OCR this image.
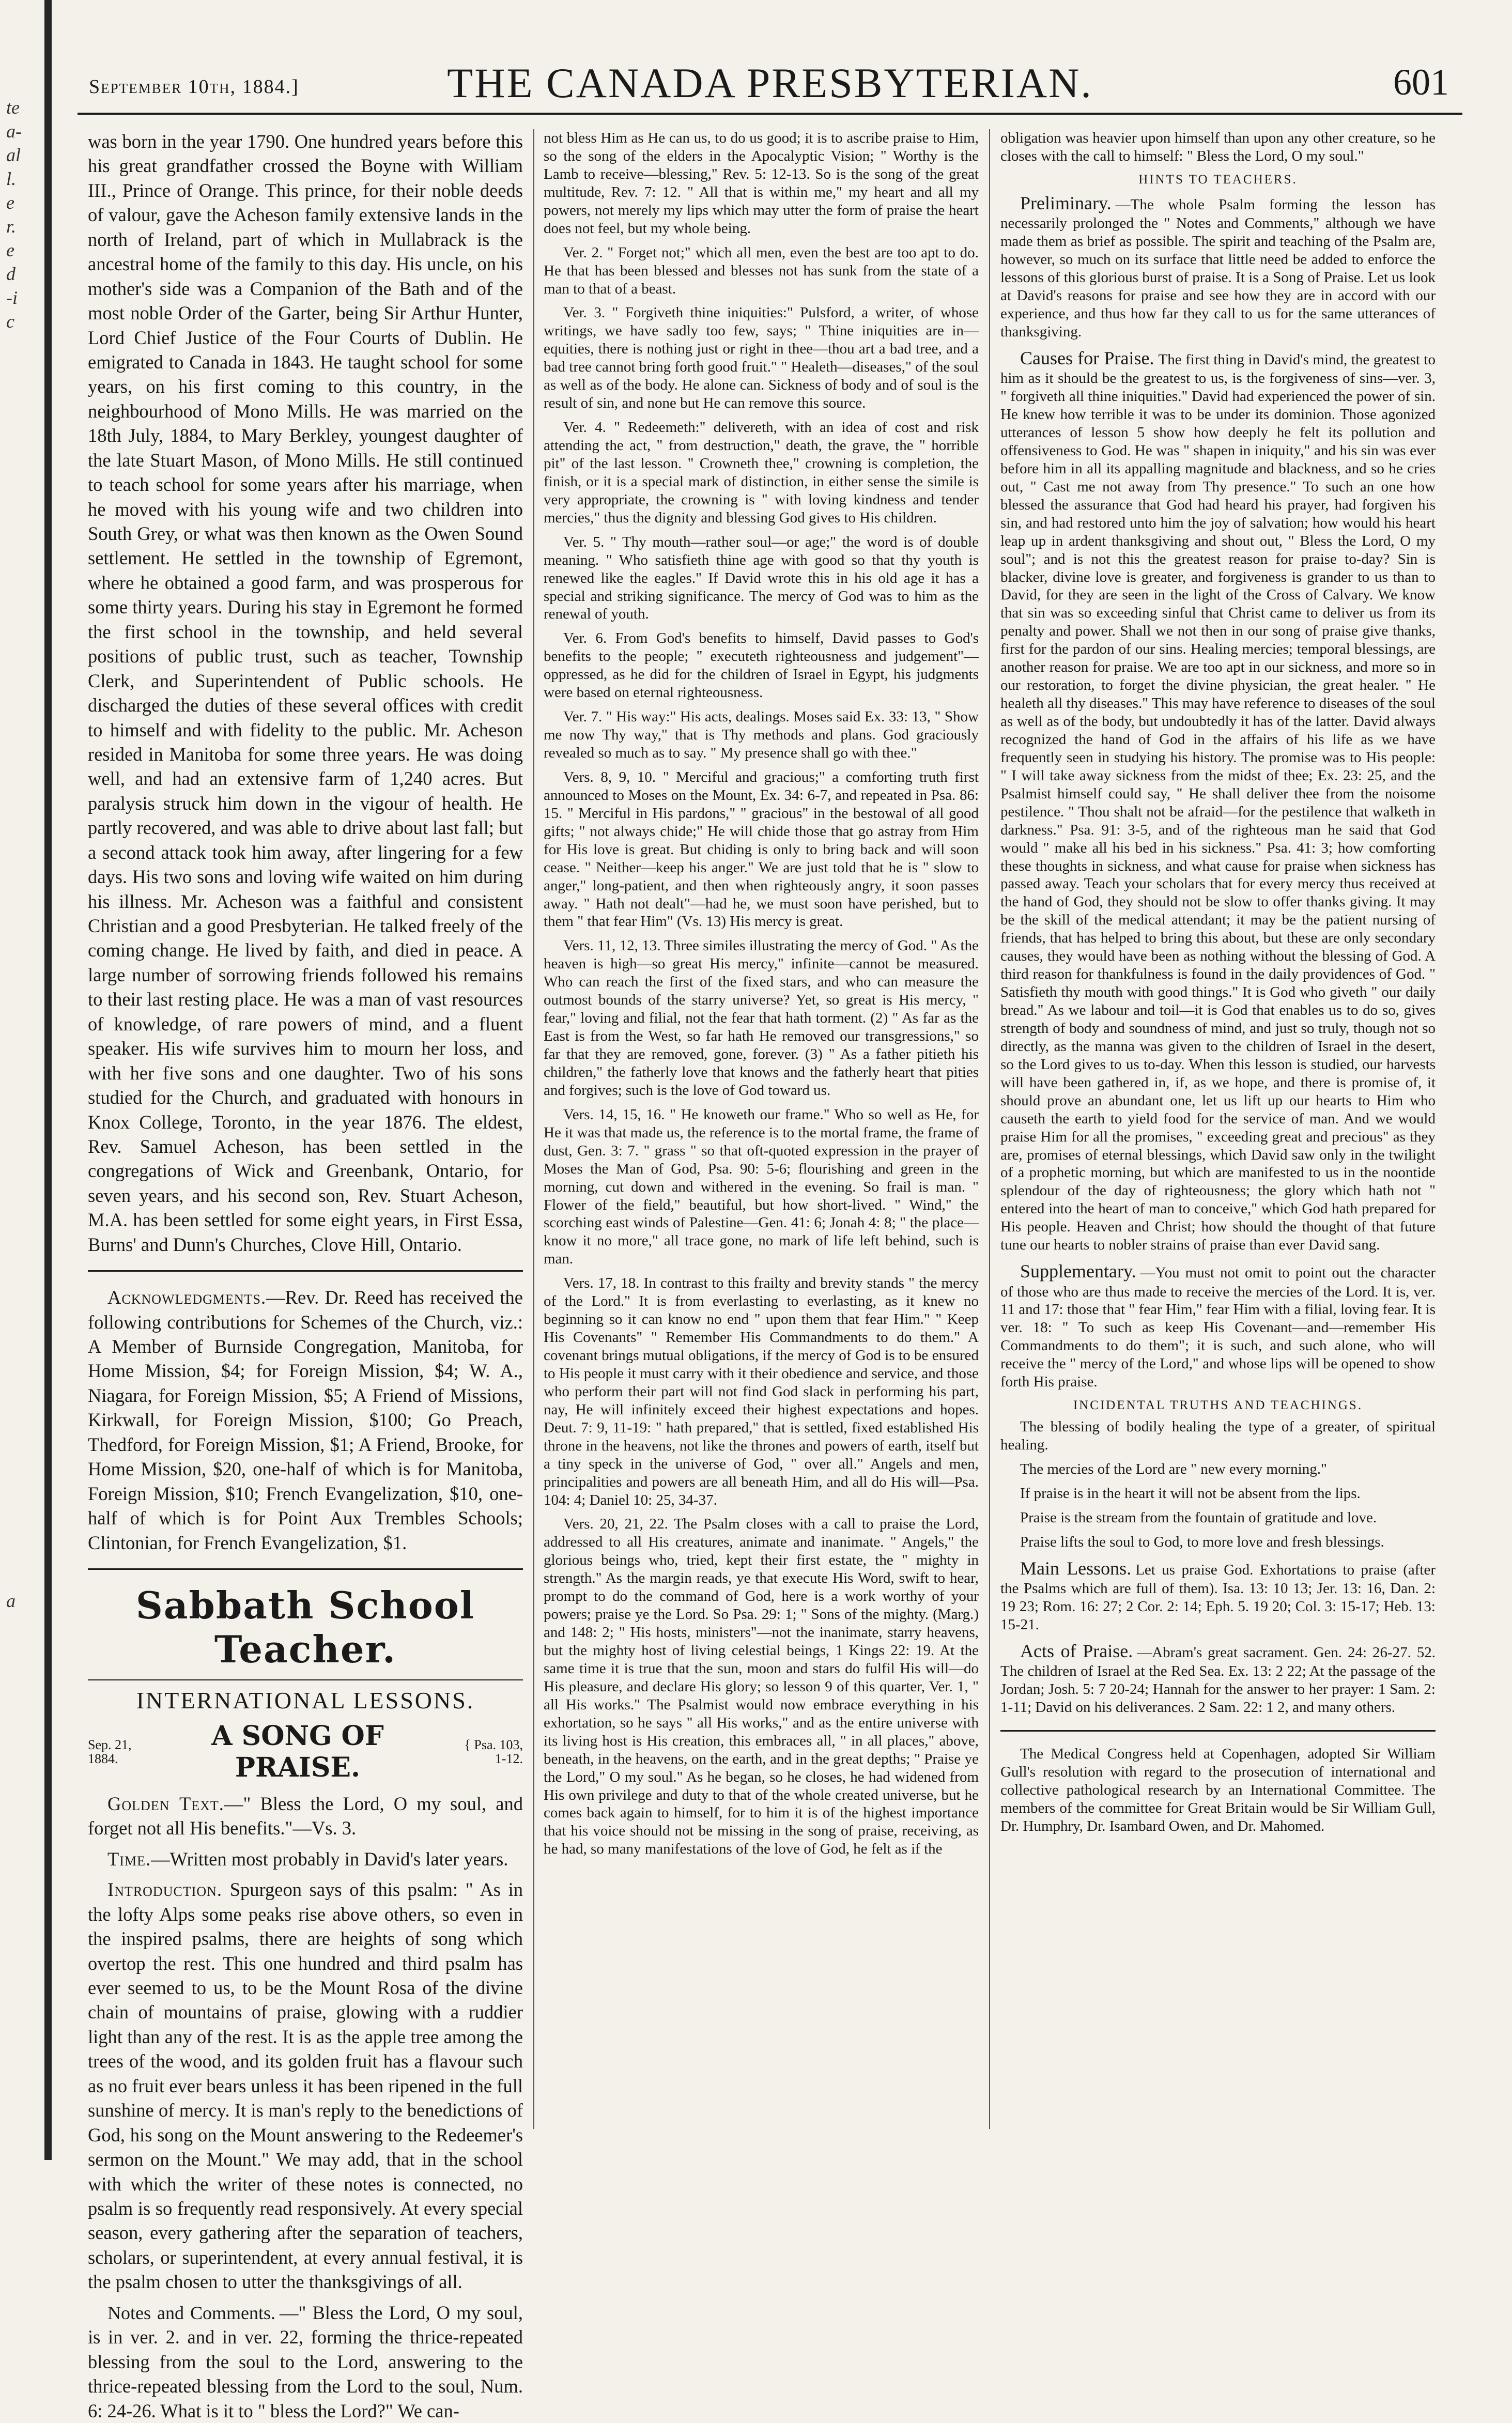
te
a-
al
l.
e
r.
e
d
-i
c
a
September 10th, 1884.]	THE CANADA PRESBYTERIAN.	601

was born in the year 1790. One hundred years before this his great grandfather crossed the Boyne with William III., Prince of Orange. This prince, for their noble deeds of valour, gave the Acheson family extensive lands in the north of Ireland, part of which in Mullabrack is the ancestral home of the family to this day. His uncle, on his mother's side was a Companion of the Bath and of the most noble Order of the Garter, being Sir Arthur Hunter, Lord Chief Justice of the Four Courts of Dublin. He emigrated to Canada in 1843. He taught school for some years, on his first coming to this country, in the neighbourhood of Mono Mills. He was married on the 18th July, 1884, to Mary Berkley, youngest daughter of the late Stuart Mason, of Mono Mills. He still continued to teach school for some years after his marriage, when he moved with his young wife and two children into South Grey, or what was then known as the Owen Sound settlement. He settled in the township of Egremont, where he obtained a good farm, and was prosperous for some thirty years. During his stay in Egremont he formed the first school in the township, and held several positions of public trust, such as teacher, Township Clerk, and Superintendent of Public schools. He discharged the duties of these several offices with credit to himself and with fidelity to the public. Mr. Acheson resided in Manitoba for some three years. He was doing well, and had an extensive farm of 1,240 acres. But paralysis struck him down in the vigour of health. He partly recovered, and was able to drive about last fall; but a second attack took him away, after lingering for a few days. His two sons and loving wife waited on him during his illness. Mr. Acheson was a faithful and consistent Christian and a good Presbyterian. He talked freely of the coming change. He lived by faith, and died in peace. A large number of sorrowing friends followed his remains to their last resting place. He was a man of vast resources of knowledge, of rare powers of mind, and a fluent speaker. His wife survives him to mourn her loss, and with her five sons and one daughter. Two of his sons studied for the Church, and graduated with honours in Knox College, Toronto, in the year 1876. The eldest, Rev. Samuel Acheson, has been settled in the congregations of Wick and Greenbank, Ontario, for seven years, and his second son, Rev. Stuart Acheson, M.A. has been settled for some eight years, in First Essa, Burns' and Dunn's Churches, Clove Hill, Ontario.

Acknowledgments.—Rev. Dr. Reed has received the following contributions for Schemes of the Church, viz.: A Member of Burnside Congregation, Manitoba, for Home Mission, $4; for Foreign Mission, $4; W. A., Niagara, for Foreign Mission, $5; A Friend of Missions, Kirkwall, for Foreign Mission, $100; Go Preach, Thedford, for Foreign Mission, $1; A Friend, Brooke, for Home Mission, $20, one-half of which is for Manitoba, Foreign Mission, $10; French Evangelization, $10, one-half of which is for Point Aux Trembles Schools; Clintonian, for French Evangelization, $1.

Sabbath School Teacher.
INTERNATIONAL LESSONS.
Sep. 21, 1884.
A SONG OF PRAISE.
{ Psa. 103, 1-12.

Golden Text.—" Bless the Lord, O my soul, and forget not all His benefits."—Vs. 3.

Time.—Written most probably in David's later years.

Introduction. Spurgeon says of this psalm: " As in the lofty Alps some peaks rise above others, so even in the inspired psalms, there are heights of song which overtop the rest. This one hundred and third psalm has ever seemed to us, to be the Mount Rosa of the divine chain of mountains of praise, glowing with a ruddier light than any of the rest. It is as the apple tree among the trees of the wood, and its golden fruit has a flavour such as no fruit ever bears unless it has been ripened in the full sunshine of mercy. It is man's reply to the benedictions of God, his song on the Mount answering to the Redeemer's sermon on the Mount." We may add, that in the school with which the writer of these notes is connected, no psalm is so frequently read responsively. At every special season, every gathering after the separation of teachers, scholars, or superintendent, at every annual festival, it is the psalm chosen to utter the thanksgivings of all.

Notes and Comments. —" Bless the Lord, O my soul, is in ver. 2. and in ver. 22, forming the thrice-repeated blessing from the soul to the Lord, answering to the thrice-repeated blessing from the Lord to the soul, Num. 6: 24-26. What is it to " bless the Lord?" We can-

not bless Him as He can us, to do us good; it is to ascribe praise to Him, so the song of the elders in the Apocalyptic Vision; " Worthy is the Lamb to receive—blessing," Rev. 5: 12-13. So is the song of the great multitude, Rev. 7: 12. " All that is within me," my heart and all my powers, not merely my lips which may utter the form of praise the heart does not feel, but my whole being.

Ver. 2. " Forget not;" which all men, even the best are too apt to do. He that has been blessed and blesses not has sunk from the state of a man to that of a beast.

Ver. 3. " Forgiveth thine iniquities:" Pulsford, a writer, of whose writings, we have sadly too few, says; " Thine iniquities are in—equities, there is nothing just or right in thee—thou art a bad tree, and a bad tree cannot bring forth good fruit." " Healeth—diseases," of the soul as well as of the body. He alone can. Sickness of body and of soul is the result of sin, and none but He can remove this source.

Ver. 4. " Redeemeth:" delivereth, with an idea of cost and risk attending the act, " from destruction," death, the grave, the " horrible pit" of the last lesson. " Crowneth thee," crowning is completion, the finish, or it is a special mark of distinction, in either sense the simile is very appropriate, the crowning is " with loving kindness and tender mercies," thus the dignity and blessing God gives to His children.

Ver. 5. " Thy mouth—rather soul—or age;" the word is of double meaning. " Who satisfieth thine age with good so that thy youth is renewed like the eagles." If David wrote this in his old age it has a special and striking significance. The mercy of God was to him as the renewal of youth.

Ver. 6. From God's benefits to himself, David passes to God's benefits to the people; " executeth righteousness and judgement"—oppressed, as he did for the children of Israel in Egypt, his judgments were based on eternal righteousness.

Ver. 7. " His way:" His acts, dealings. Moses said Ex. 33: 13, " Show me now Thy way," that is Thy methods and plans. God graciously revealed so much as to say. " My presence shall go with thee."

Vers. 8, 9, 10. " Merciful and gracious;" a comforting truth first announced to Moses on the Mount, Ex. 34: 6-7, and repeated in Psa. 86: 15. " Merciful in His pardons," " gracious" in the bestowal of all good gifts; " not always chide;" He will chide those that go astray from Him for His love is great. But chiding is only to bring back and will soon cease. " Neither—keep his anger." We are just told that he is " slow to anger," long-patient, and then when righteously angry, it soon passes away. " Hath not dealt"—had he, we must soon have perished, but to them " that fear Him" (Vs. 13) His mercy is great.

Vers. 11, 12, 13. Three similes illustrating the mercy of God. " As the heaven is high—so great His mercy," infinite—cannot be measured. Who can reach the first of the fixed stars, and who can measure the outmost bounds of the starry universe? Yet, so great is His mercy, " fear," loving and filial, not the fear that hath torment. (2) " As far as the East is from the West, so far hath He removed our transgressions," so far that they are removed, gone, forever. (3) " As a father pitieth his children," the fatherly love that knows and the fatherly heart that pities and forgives; such is the love of God toward us.

Vers. 14, 15, 16. " He knoweth our frame." Who so well as He, for He it was that made us, the reference is to the mortal frame, the frame of dust, Gen. 3: 7. " grass " so that oft-quoted expression in the prayer of Moses the Man of God, Psa. 90: 5-6; flourishing and green in the morning, cut down and withered in the evening. So frail is man. " Flower of the field," beautiful, but how short-lived. " Wind," the scorching east winds of Palestine—Gen. 41: 6; Jonah 4: 8; " the place—know it no more," all trace gone, no mark of life left behind, such is man.

Vers. 17, 18. In contrast to this frailty and brevity stands " the mercy of the Lord." It is from everlasting to everlasting, as it knew no beginning so it can know no end " upon them that fear Him." " Keep His Covenants" " Remember His Commandments to do them." A covenant brings mutual obligations, if the mercy of God is to be ensured to His people it must carry with it their obedience and service, and those who perform their part will not find God slack in performing his part, nay, He will infinitely exceed their highest expectations and hopes. Deut. 7: 9, 11-19: " hath prepared," that is settled, fixed established His throne in the heavens, not like the thrones and powers of earth, itself but a tiny speck in the universe of God, " over all." Angels and men, principalities and powers are all beneath Him, and all do His will—Psa. 104: 4; Daniel 10: 25, 34-37.

Vers. 20, 21, 22. The Psalm closes with a call to praise the Lord, addressed to all His creatures, animate and inanimate. " Angels," the glorious beings who, tried, kept their first estate, the " mighty in strength." As the margin reads, ye that execute His Word, swift to hear, prompt to do the command of God, here is a work worthy of your powers; praise ye the Lord. So Psa. 29: 1; " Sons of the mighty. (Marg.) and 148: 2; " His hosts, ministers"—not the inanimate, starry heavens, but the mighty host of living celestial beings, 1 Kings 22: 19. At the same time it is true that the sun, moon and stars do fulfil His will—do His pleasure, and declare His glory; so lesson 9 of this quarter, Ver. 1, " all His works." The Psalmist would now embrace everything in his exhortation, so he says " all His works," and as the entire universe with its living host is His creation, this embraces all, " in all places," above, beneath, in the heavens, on the earth, and in the great depths; " Praise ye the Lord," O my soul." As he began, so he closes, he had widened from His own privilege and duty to that of the whole created universe, but he comes back again to himself, for to him it is of the highest importance that his voice should not be missing in the song of praise, receiving, as he had, so many manifestations of the love of God, he felt as if the

obligation was heavier upon himself than upon any other creature, so he closes with the call to himself: " Bless the Lord, O my soul."

HINTS TO TEACHERS.

Preliminary. —The whole Psalm forming the lesson has necessarily prolonged the " Notes and Comments," although we have made them as brief as possible. The spirit and teaching of the Psalm are, however, so much on its surface that little need be added to enforce the lessons of this glorious burst of praise. It is a Song of Praise. Let us look at David's reasons for praise and see how they are in accord with our experience, and thus how far they call to us for the same utterances of thanksgiving.

Causes for Praise. The first thing in David's mind, the greatest to him as it should be the greatest to us, is the forgiveness of sins—ver. 3, " forgiveth all thine iniquities." David had experienced the power of sin. He knew how terrible it was to be under its dominion. Those agonized utterances of lesson 5 show how deeply he felt its pollution and offensiveness to God. He was " shapen in iniquity," and his sin was ever before him in all its appalling magnitude and blackness, and so he cries out, " Cast me not away from Thy presence." To such an one how blessed the assurance that God had heard his prayer, had forgiven his sin, and had restored unto him the joy of salvation; how would his heart leap up in ardent thanksgiving and shout out, " Bless the Lord, O my soul"; and is not this the greatest reason for praise to-day? Sin is blacker, divine love is greater, and forgiveness is grander to us than to David, for they are seen in the light of the Cross of Calvary. We know that sin was so exceeding sinful that Christ came to deliver us from its penalty and power. Shall we not then in our song of praise give thanks, first for the pardon of our sins. Healing mercies; temporal blessings, are another reason for praise. We are too apt in our sickness, and more so in our restoration, to forget the divine physician, the great healer. " He healeth all thy diseases." This may have reference to diseases of the soul as well as of the body, but undoubtedly it has of the latter. David always recognized the hand of God in the affairs of his life as we have frequently seen in studying his history. The promise was to His people: " I will take away sickness from the midst of thee; Ex. 23: 25, and the Psalmist himself could say, " He shall deliver thee from the noisome pestilence. " Thou shalt not be afraid—for the pestilence that walketh in darkness." Psa. 91: 3-5, and of the righteous man he said that God would " make all his bed in his sickness." Psa. 41: 3; how comforting these thoughts in sickness, and what cause for praise when sickness has passed away. Teach your scholars that for every mercy thus received at the hand of God, they should not be slow to offer thanks giving. It may be the skill of the medical attendant; it may be the patient nursing of friends, that has helped to bring this about, but these are only secondary causes, they would have been as nothing without the blessing of God. A third reason for thankfulness is found in the daily providences of God. " Satisfieth thy mouth with good things." It is God who giveth " our daily bread." As we labour and toil—it is God that enables us to do so, gives strength of body and soundness of mind, and just so truly, though not so directly, as the manna was given to the children of Israel in the desert, so the Lord gives to us to-day. When this lesson is studied, our harvests will have been gathered in, if, as we hope, and there is promise of, it should prove an abundant one, let us lift up our hearts to Him who causeth the earth to yield food for the service of man. And we would praise Him for all the promises, " exceeding great and precious" as they are, promises of eternal blessings, which David saw only in the twilight of a prophetic morning, but which are manifested to us in the noontide splendour of the day of righteousness; the glory which hath not " entered into the heart of man to conceive," which God hath prepared for His people. Heaven and Christ; how should the thought of that future tune our hearts to nobler strains of praise than ever David sang.

Supplementary. —You must not omit to point out the character of those who are thus made to receive the mercies of the Lord. It is, ver. 11 and 17: those that " fear Him," fear Him with a filial, loving fear. It is ver. 18: " To such as keep His Covenant—and—remember His Commandments to do them"; it is such, and such alone, who will receive the " mercy of the Lord," and whose lips will be opened to show forth His praise.

INCIDENTAL TRUTHS AND TEACHINGS.

The blessing of bodily healing the type of a greater, of spiritual healing.

The mercies of the Lord are " new every morning."

If praise is in the heart it will not be absent from the lips.

Praise is the stream from the fountain of gratitude and love.

Praise lifts the soul to God, to more love and fresh blessings.

Main Lessons. Let us praise God. Exhortations to praise (after the Psalms which are full of them). Isa. 13: 10 13; Jer. 13: 16, Dan. 2: 19 23; Rom. 16: 27; 2 Cor. 2: 14; Eph. 5. 19 20; Col. 3: 15-17; Heb. 13: 15-21.

Acts of Praise. —Abram's great sacrament. Gen. 24: 26-27. 52. The children of Israel at the Red Sea. Ex. 13: 2 22; At the passage of the Jordan; Josh. 5: 7 20-24; Hannah for the answer to her prayer: 1 Sam. 2: 1-11; David on his deliverances. 2 Sam. 22: 1 2, and many others.

The Medical Congress held at Copenhagen, adopted Sir William Gull's resolution with regard to the prosecution of international and collective pathological research by an International Committee. The members of the committee for Great Britain would be Sir William Gull, Dr. Humphry, Dr. Isambard Owen, and Dr. Mahomed.
